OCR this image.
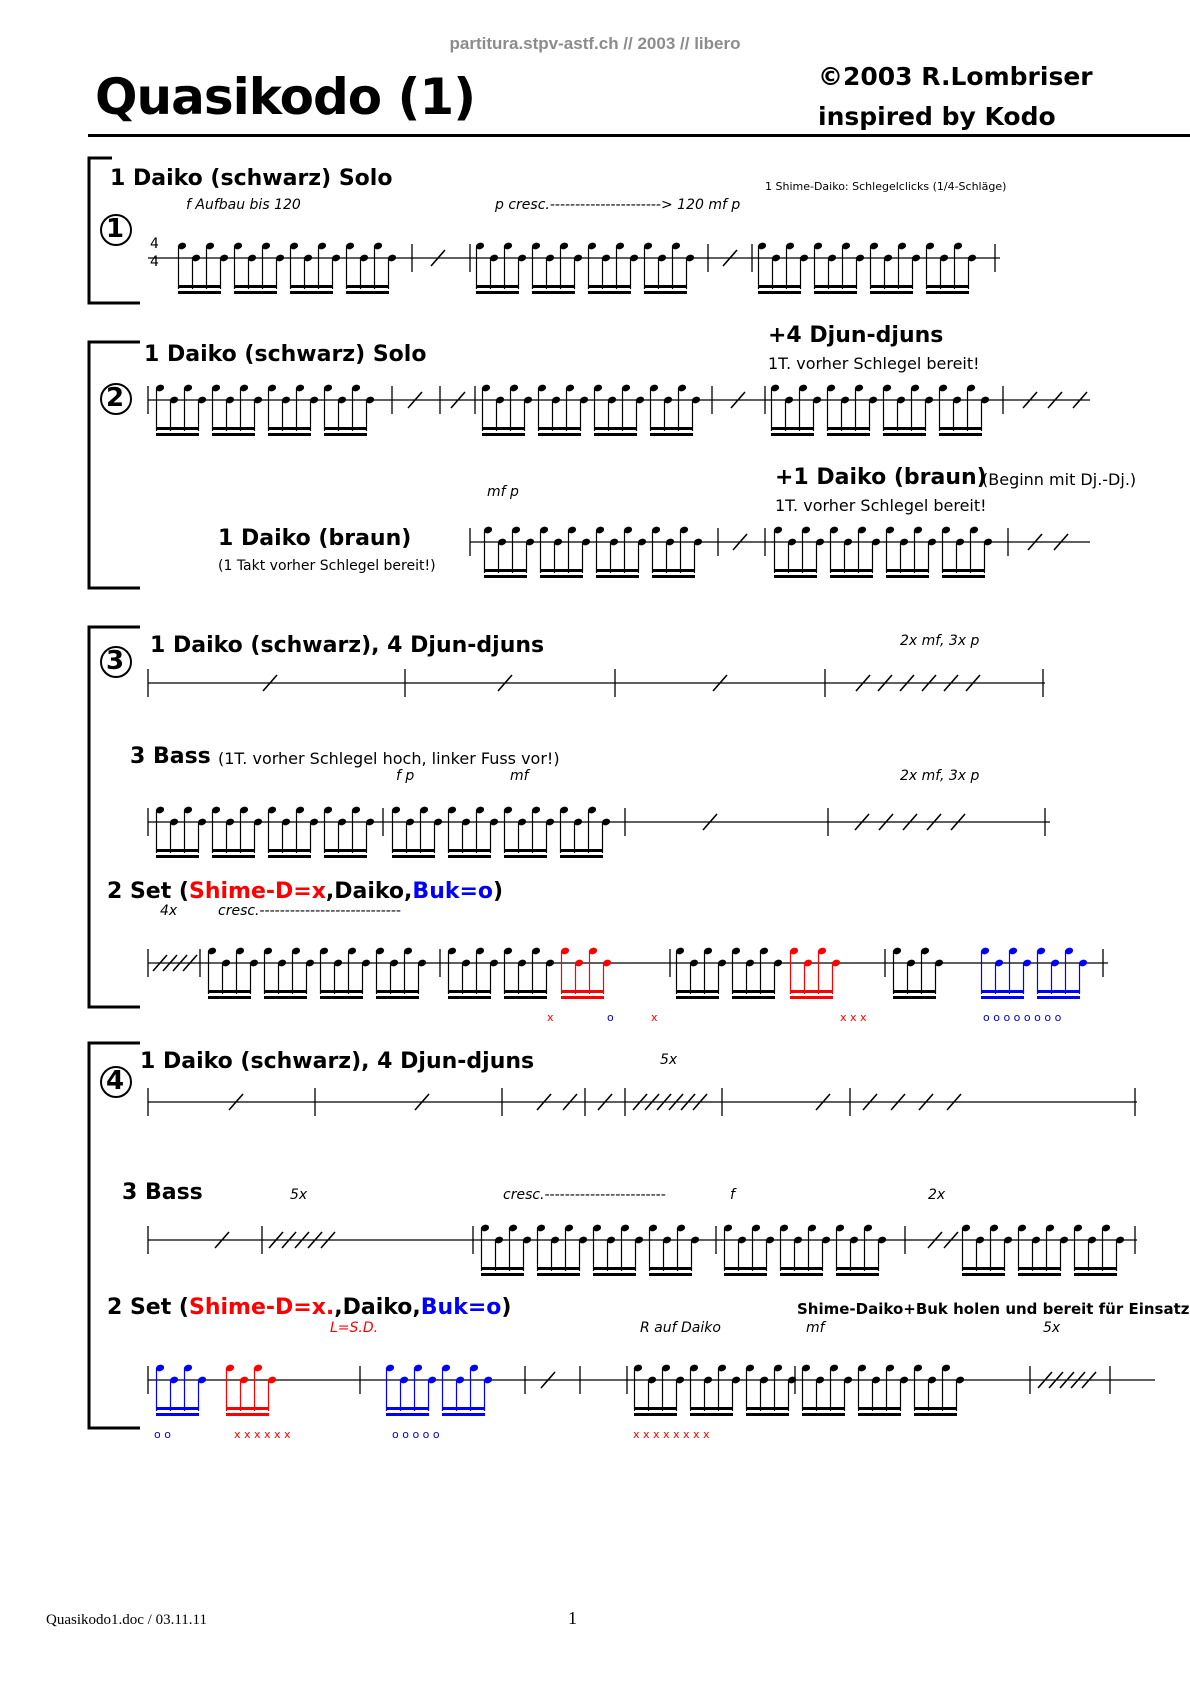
partitura.stpv-astf.ch // 2003 // libero
Quasikodo (1)	©2003 R.Lombriser
inspired by Kodo
1
1 Daiko (schwarz) Solo
f Aufbau bis 120	p cresc.----------------------> 120 mf p
1 Shime-Daiko: Schlegelclicks (1/4-Schläge)
4
4
2
1 Daiko (schwarz) Solo
+4 Djun-djuns
1T. vorher Schlegel bereit!
+1 Daiko (braun)
(Beginn mit Dj.-Dj.)
1T. vorher Schlegel bereit!
mf p
1 Daiko (braun)
(1 Takt vorher Schlegel bereit!)
3
1 Daiko (schwarz), 4 Djun-djuns	2x mf, 3x p
3 Bass (1T. vorher Schlegel hoch, linker Fuss vor!)
f p	mf	2x mf, 3x p
2 Set (Shime-D=x,Daiko,Buk=o)
4x	cresc.----------------------------
x	o	x	x x x	o o o o o o o o
4
1 Daiko (schwarz), 4 Djun-djuns	5x
3 Bass	5x	cresc.------------------------	f	2x
2 Set (Shime-D=x.,Daiko,Buk=o)	Shime-Daiko+Buk holen und bereit für Einsatz
L=S.D.	R auf Daiko	mf	5x
o o	x x x x x x	o o o o o	x x x x x x x x
Quasikodo1.doc / 03.11.11	1
